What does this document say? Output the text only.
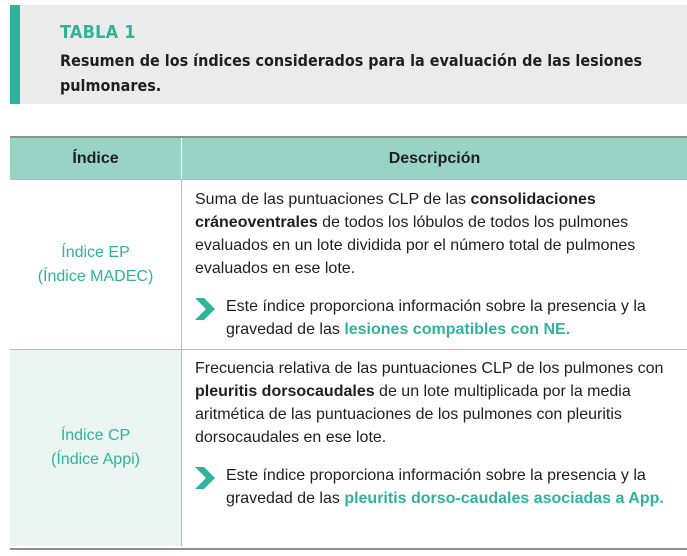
TABLA 1
Resumen de los índices considerados para la evaluación de las lesiones pulmonares.
Índice	Descripción
Índice EP
(Índice MADEC)
Suma de las puntuaciones CLP de las consolidaciones cráneoventrales de todos los lóbulos de todos los pulmones evaluados en un lote dividida por el número total de pulmones evaluados en ese lote.
Este índice proporciona información sobre la presencia y la gravedad de las lesiones compatibles con NE.
Índice CP
(Índice Appi)
Frecuencia relativa de las puntuaciones CLP de los pulmones con pleuritis dorsocaudales de un lote multiplicada por la media aritmética de las puntuaciones de los pulmones con pleuritis dorsocaudales en ese lote.
Este índice proporciona información sobre la presencia y la gravedad de las pleuritis dorso-caudales asociadas a App.
